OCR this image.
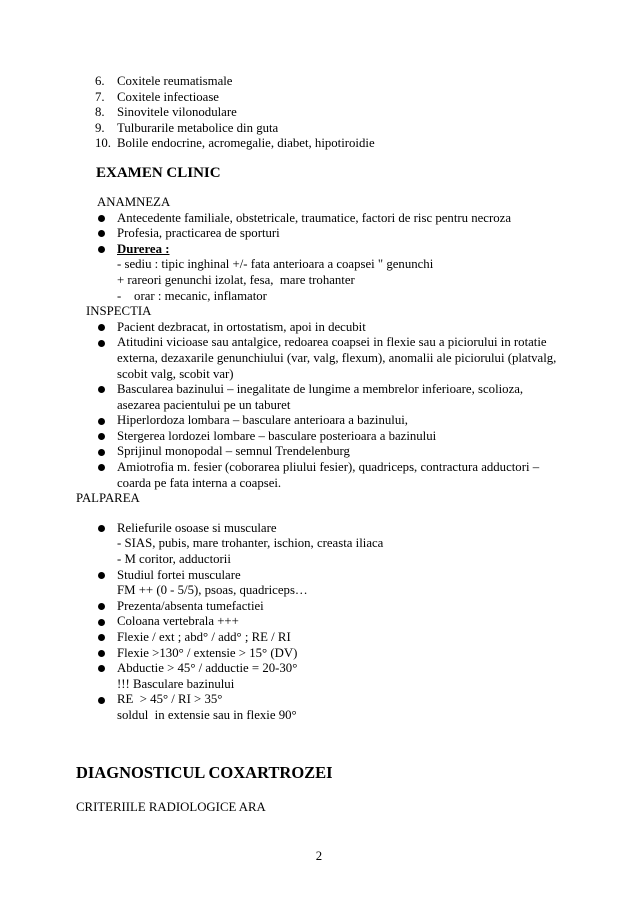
6. Coxitele reumatismale
7. Coxitele infectioase
8. Sinovitele vilonodulare
9. Tulburarile metabolice din guta
10. Bolile endocrine, acromegalie, diabet, hipotiroidie
EXAMEN CLINIC
ANAMNEZA
Antecedente familiale, obstetricale, traumatice, factori de risc pentru necroza
Profesia, practicarea de sporturi
Durerea :
- sediu : tipic inghinal +/- fata anterioara a coapsei " genunchi
+ rareori genunchi izolat, fesa,  mare trohanter
-    orar : mecanic, inflamator
INSPECTIA
Pacient dezbracat, in ortostatism, apoi in decubit
Atitudini vicioase sau antalgice, redoarea coapsei in flexie sau a piciorului in rotatie
externa, dezaxarile genunchiului (var, valg, flexum), anomalii ale piciorului (platvalg,
scobit valg, scobit var)
Bascularea bazinului – inegalitate de lungime a membrelor inferioare, scolioza,
asezarea pacientului pe un taburet
Hiperlordoza lombara – basculare anterioara a bazinului,
Stergerea lordozei lombare – basculare posterioara a bazinului
Sprijinul monopodal – semnul Trendelenburg
Amiotrofia m. fesier (coborarea pliului fesier), quadriceps, contractura adductori –
coarda pe fata interna a coapsei.
PALPAREA
Reliefurile osoase si musculare
- SIAS, pubis, mare trohanter, ischion, creasta iliaca
- M coritor, adductorii
Studiul fortei musculare
FM ++ (0 - 5/5), psoas, quadriceps…
Prezenta/absenta tumefactiei
Coloana vertebrala +++
Flexie / ext ; abd° / add° ; RE / RI
Flexie >130° / extensie > 15° (DV)
Abductie > 45° / adductie = 20-30°
!!! Basculare bazinului
RE  > 45° / RI > 35°
soldul  in extensie sau in flexie 90°
DIAGNOSTICUL COXARTROZEI
CRITERIILE RADIOLOGICE ARA
2
